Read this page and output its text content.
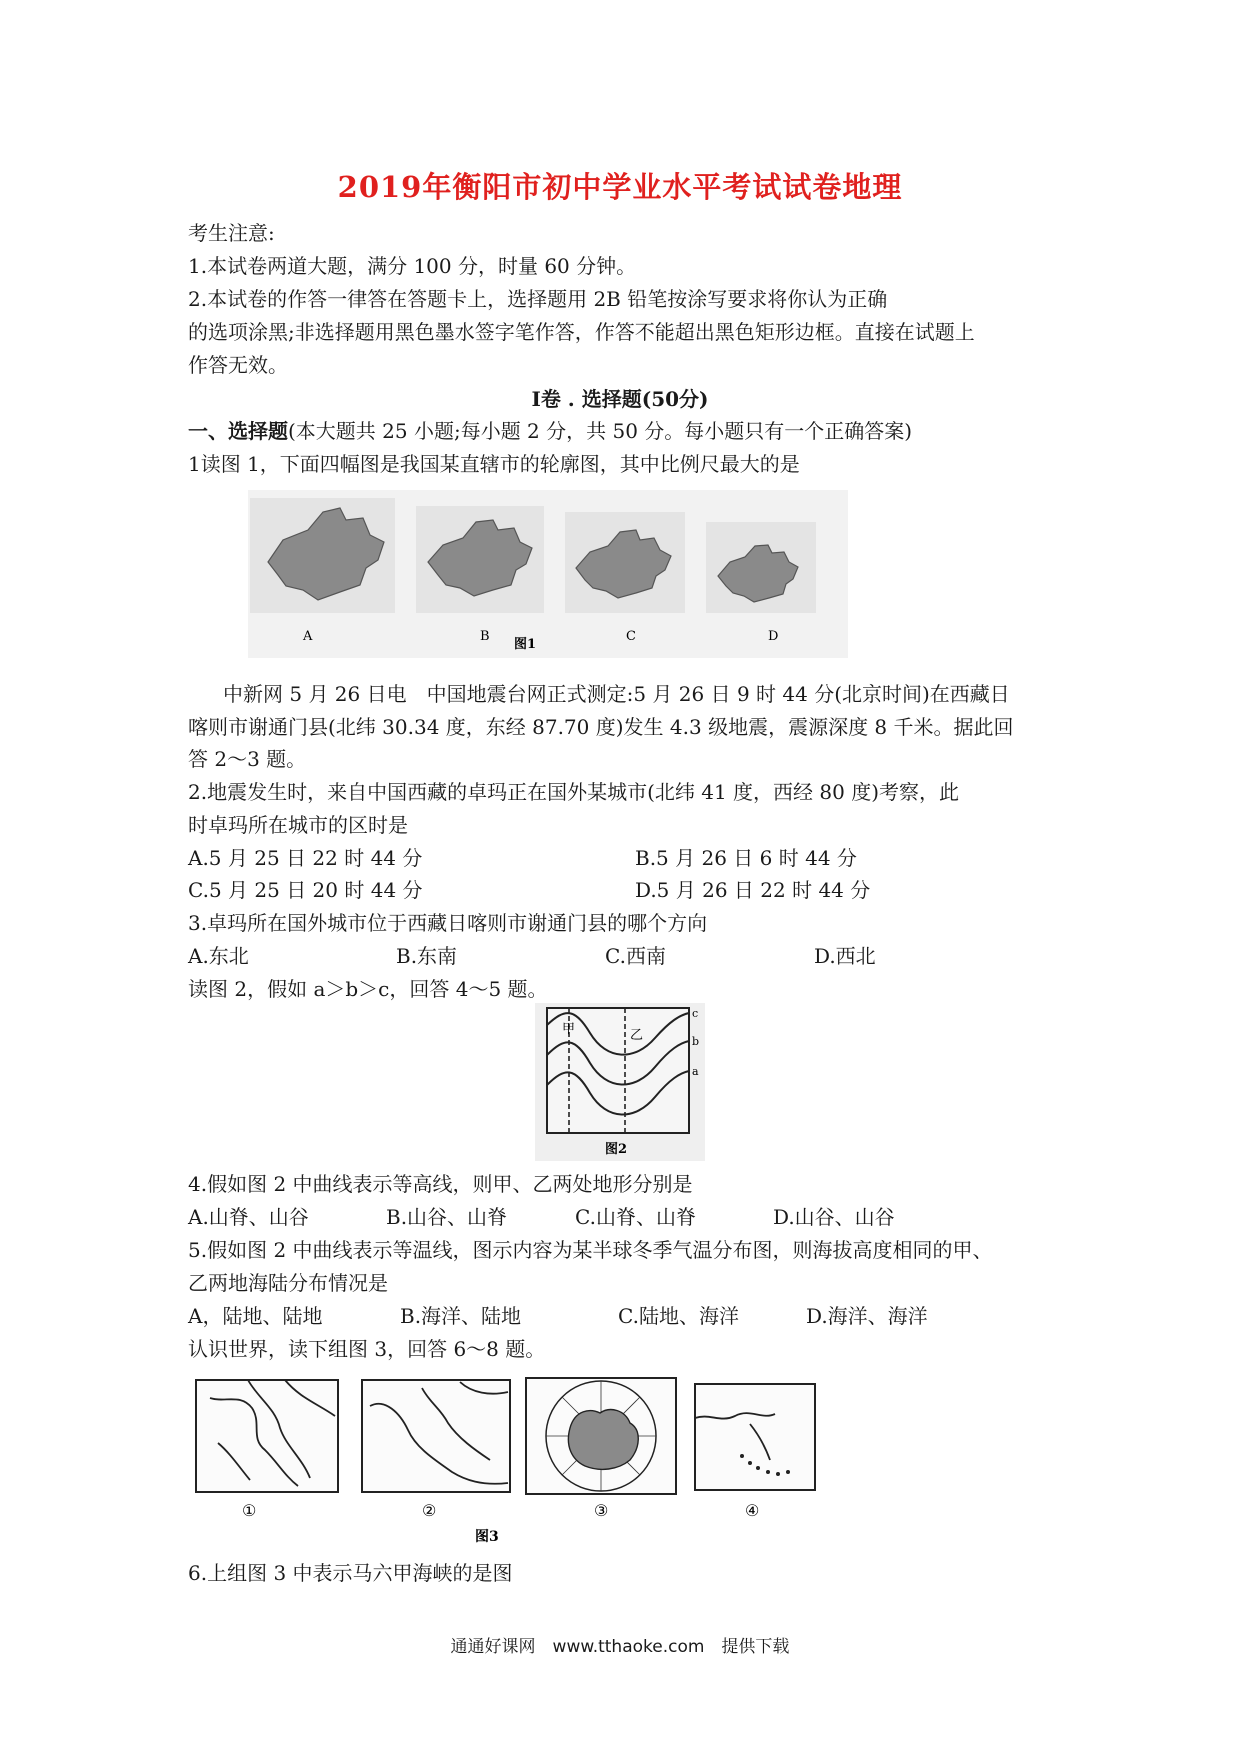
2019年衡阳市初中学业水平考试试卷地理
考生注意:
1.本试卷两道大题，满分 100 分，时量 60 分钟。
2.本试卷的作答一律答在答题卡上，选择题用 2B 铅笔按涂写要求将你认为正确
的选项涂黑;非选择题用黑色墨水签字笔作答，作答不能超出黑色矩形边框。直接在试题上
作答无效。
I卷 . 选择题(50分)
一、选择题(本大题共 25 小题;每小题 2 分，共 50 分。每小题只有一个正确答案)
1读图 1，下面四幅图是我国某直辖市的轮廓图，其中比例尺最大的是
A	B
图1
C	D
中新网 5 月 26 日电　中国地震台网正式测定:5 月 26 日 9 时 44 分(北京时间)在西藏日
喀则市谢通门县(北纬 30.34 度，东经 87.70 度)发生 4.3 级地震，震源深度 8 千米。据此回
答 2～3 题。
2.地震发生时，来自中国西藏的卓玛正在国外某城市(北纬 41 度，西经 80 度)考察，此
时卓玛所在城市的区时是
A.5 月 25 日 22 时 44 分	B.5 月 26 日 6 时 44 分
C.5 月 25 日 20 时 44 分	D.5 月 26 日 22 时 44 分
3.卓玛所在国外城市位于西藏日喀则市谢通门县的哪个方向
A.东北	B.东南	C.西南	D.西北
读图 2，假如 a＞b＞c，回答 4～5 题。
甲	乙
c
b
a
图2
4.假如图 2 中曲线表示等高线，则甲、乙两处地形分别是
A.山脊、山谷	B.山谷、山脊	C.山脊、山脊	D.山谷、山谷
5.假如图 2 中曲线表示等温线，图示内容为某半球冬季气温分布图，则海拔高度相同的甲、
乙两地海陆分布情况是
A，陆地、陆地	B.海洋、陆地	C.陆地、海洋	D.海洋、海洋
认识世界，读下组图 3，回答 6～8 题。
①	②	③	④
图3
6.上组图 3 中表示马六甲海峡的是图
通通好课网　www.tthaoke.com　提供下载
